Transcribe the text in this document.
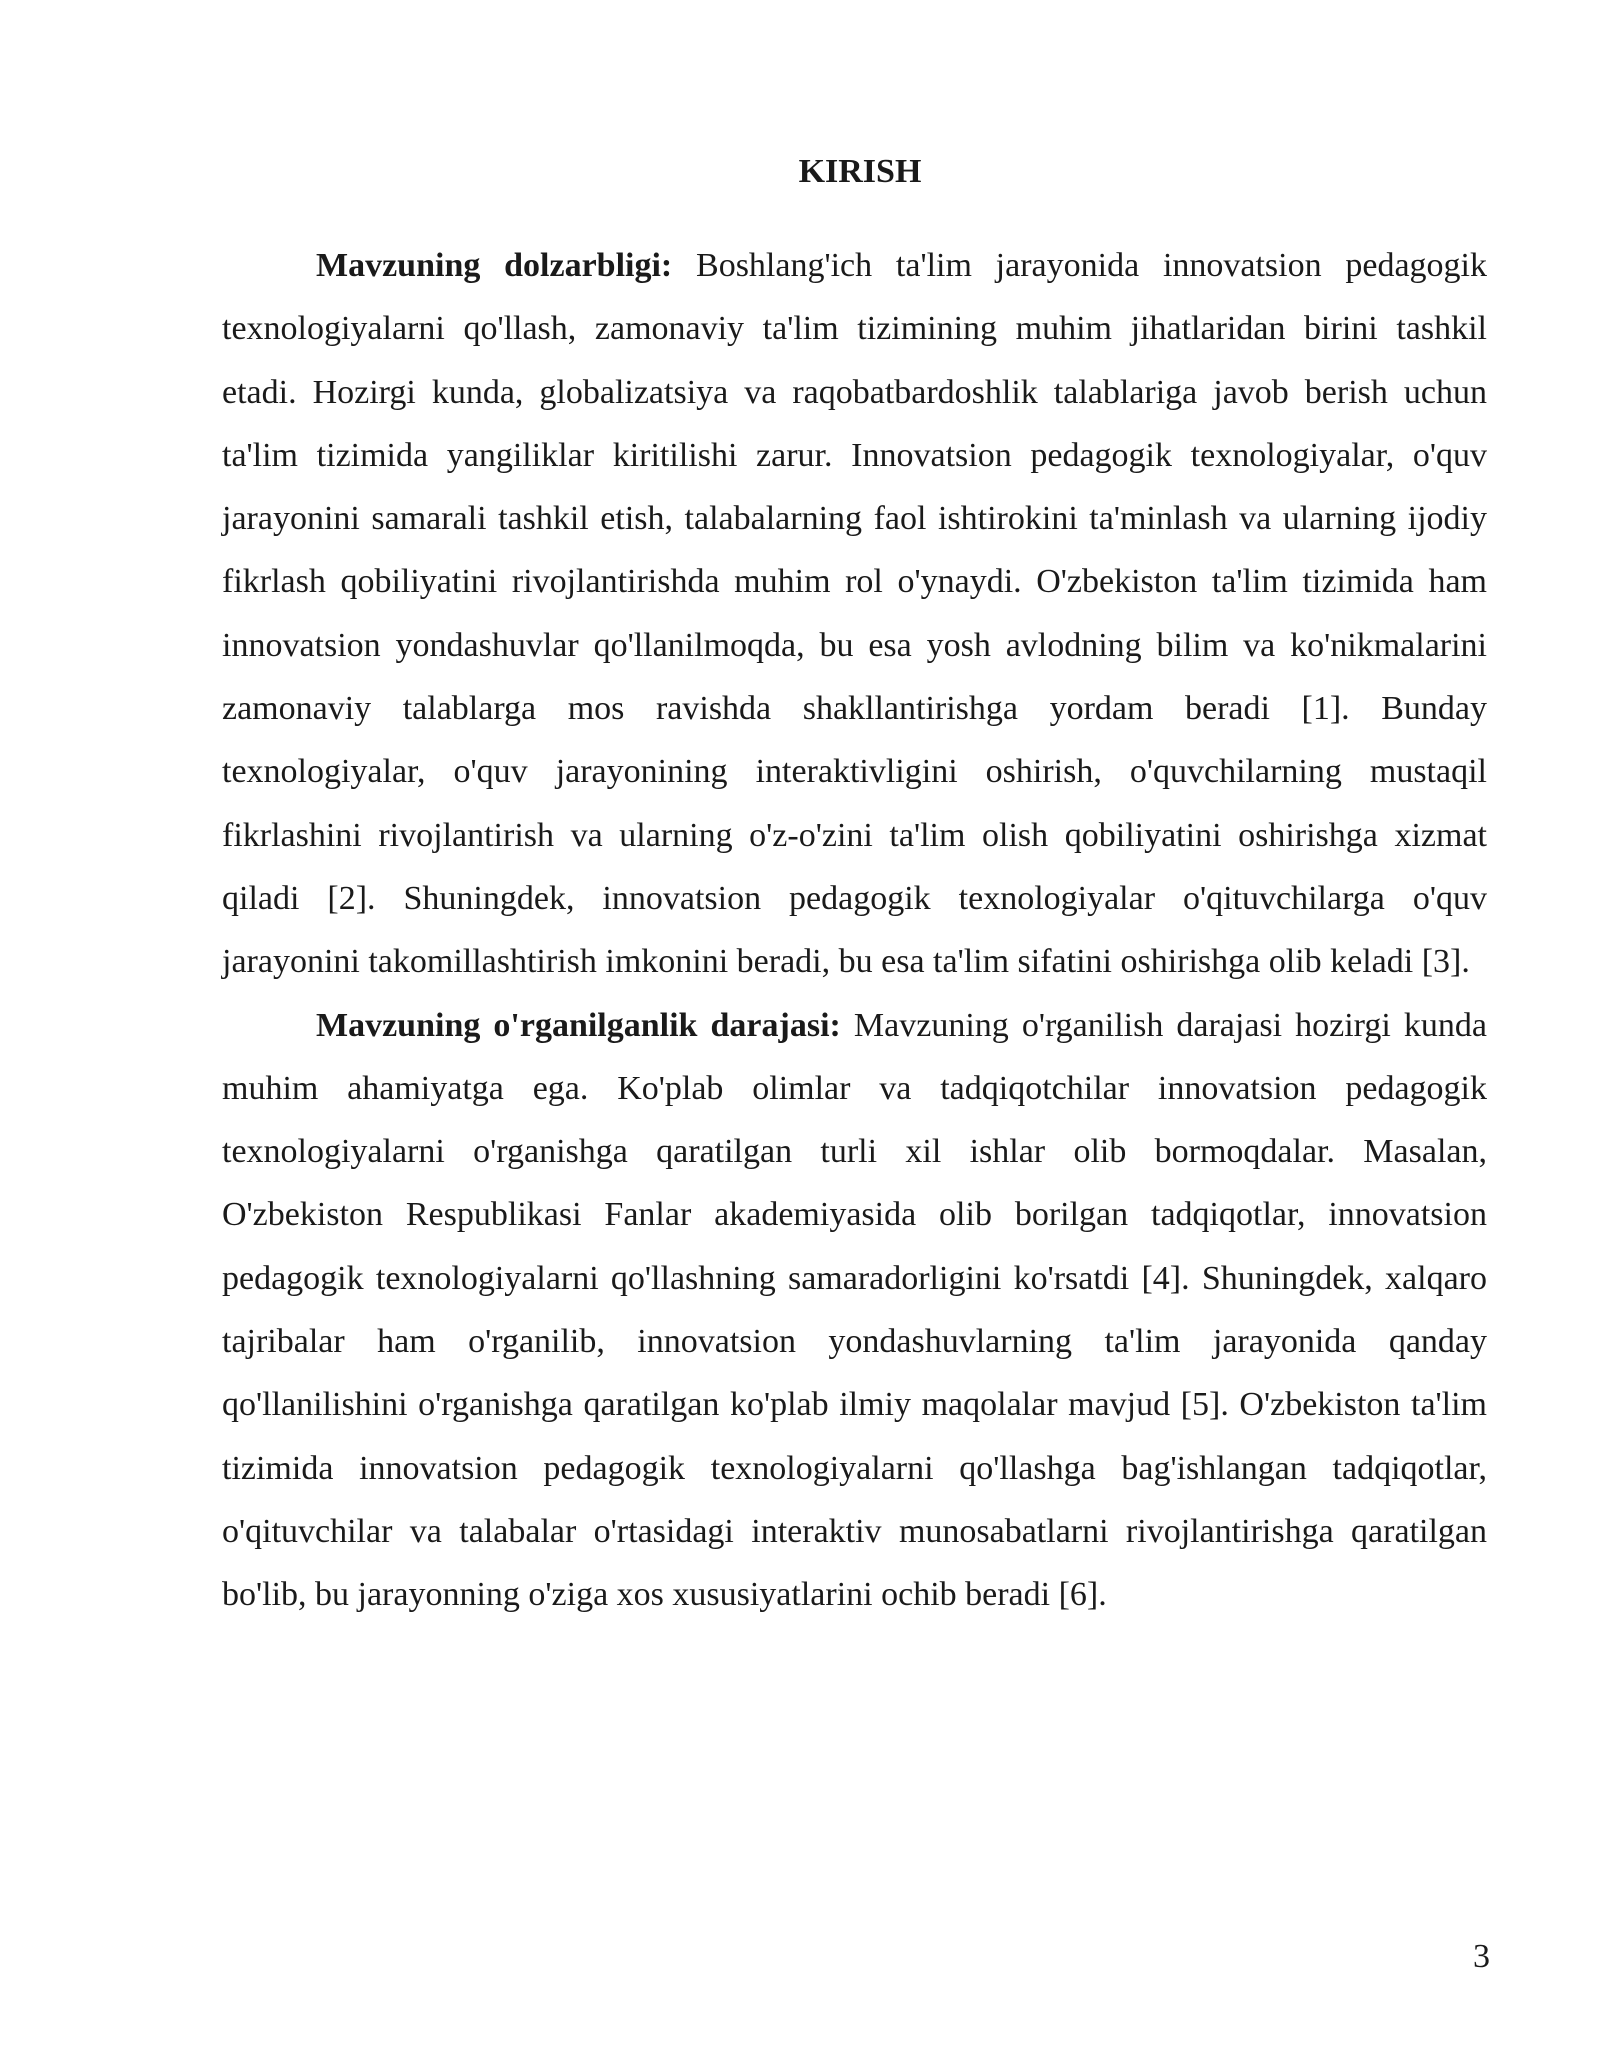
KIRISH

Mavzuning dolzarbligi: Boshlang'ich ta'lim jarayonida innovatsion pedagogik texnologiyalarni qo'llash, zamonaviy ta'lim tizimining muhim jihatlaridan birini tashkil etadi. Hozirgi kunda, globalizatsiya va raqobatbardoshlik talablariga javob berish uchun ta'lim tizimida yangiliklar kiritilishi zarur. Innovatsion pedagogik texnologiyalar, o'quv jarayonini samarali tashkil etish, talabalarning faol ishtirokini ta'minlash va ularning ijodiy fikrlash qobiliyatini rivojlantirishda muhim rol o'ynaydi. O'zbekiston ta'lim tizimida ham innovatsion yondashuvlar qo'llanilmoqda, bu esa yosh avlodning bilim va ko'nikmalarini zamonaviy talablarga mos ravishda shakllantirishga yordam beradi [1]. Bunday texnologiyalar, o'quv jarayonining interaktivligini oshirish, o'quvchilarning mustaqil fikrlashini rivojlantirish va ularning o'z-o'zini ta'lim olish qobiliyatini oshirishga xizmat qiladi [2]. Shuningdek, innovatsion pedagogik texnologiyalar o'qituvchilarga o'quv jarayonini takomillashtirish imkonini beradi, bu esa ta'lim sifatini oshirishga olib keladi [3].

Mavzuning o'rganilganlik darajasi: Mavzuning o'rganilish darajasi hozirgi kunda muhim ahamiyatga ega. Ko'plab olimlar va tadqiqotchilar innovatsion pedagogik texnologiyalarni o'rganishga qaratilgan turli xil ishlar olib bormoqdalar. Masalan, O'zbekiston Respublikasi Fanlar akademiyasida olib borilgan tadqiqotlar, innovatsion pedagogik texnologiyalarni qo'llashning samaradorligini ko'rsatdi [4]. Shuningdek, xalqaro tajribalar ham o'rganilib, innovatsion yondashuvlarning ta'lim jarayonida qanday qo'llanilishini o'rganishga qaratilgan ko'plab ilmiy maqolalar mavjud [5]. O'zbekiston ta'lim tizimida innovatsion pedagogik texnologiyalarni qo'llashga bag'ishlangan tadqiqotlar, o'qituvchilar va talabalar o'rtasidagi interaktiv munosabatlarni rivojlantirishga qaratilgan bo'lib, bu jarayonning o'ziga xos xususiyatlarini ochib beradi [6].

3
